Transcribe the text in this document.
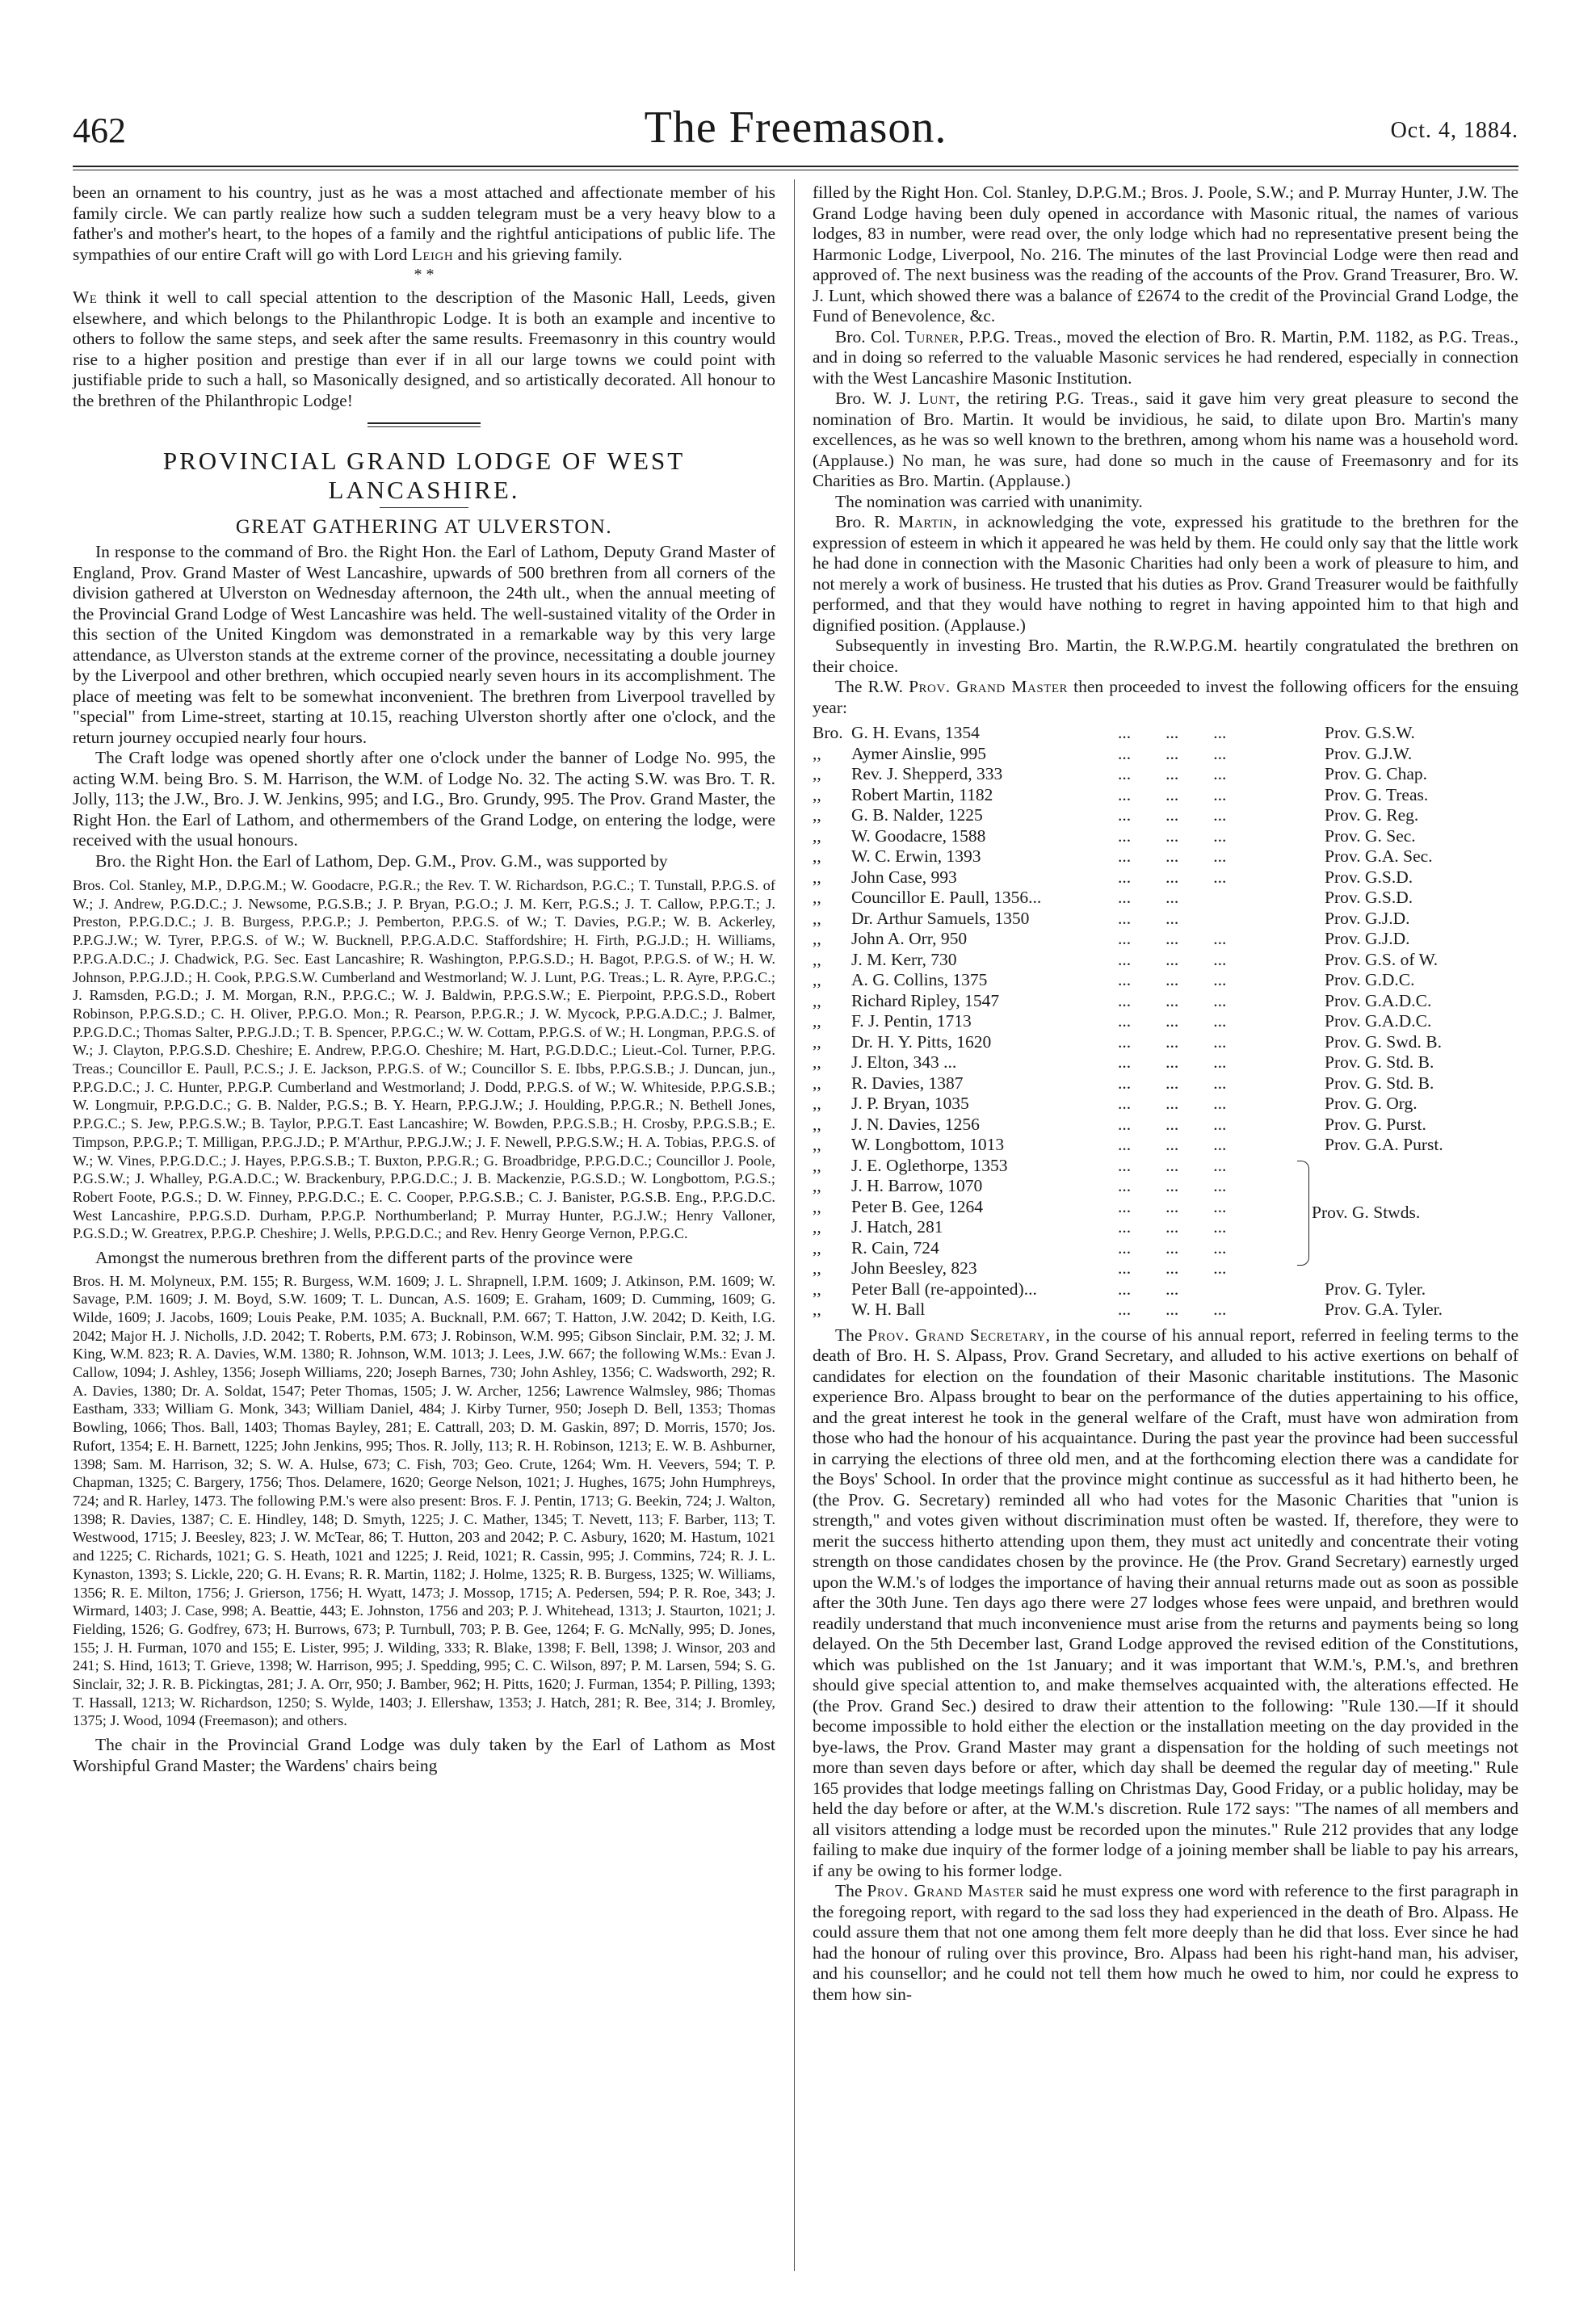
462	The Freemason.	Oct. 4, 1884.

been an ornament to his country, just as he was a most attached and affectionate member of his family circle. We can partly realize how such a sudden telegram must be a very heavy blow to a father's and mother's heart, to the hopes of a family and the rightful anticipations of public life. The sympathies of our entire Craft will go with Lord Leigh and his grieving family.

* *

We think it well to call special attention to the description of the Masonic Hall, Leeds, given elsewhere, and which belongs to the Philanthropic Lodge. It is both an example and incentive to others to follow the same steps, and seek after the same results. Freemasonry in this country would rise to a higher position and prestige than ever if in all our large towns we could point with justifiable pride to such a hall, so Masonically designed, and so artistically decorated. All honour to the brethren of the Philanthropic Lodge!

PROVINCIAL GRAND LODGE OF WEST LANCASHIRE.
GREAT GATHERING AT ULVERSTON.

In response to the command of Bro. the Right Hon. the Earl of Lathom, Deputy Grand Master of England, Prov. Grand Master of West Lancashire, upwards of 500 brethren from all corners of the division gathered at Ulverston on Wednesday afternoon, the 24th ult., when the annual meeting of the Provincial Grand Lodge of West Lancashire was held. The well-sustained vitality of the Order in this section of the United Kingdom was demonstrated in a remarkable way by this very large attendance, as Ulverston stands at the extreme corner of the province, necessitating a double journey by the Liverpool and other brethren, which occupied nearly seven hours in its accomplishment. The place of meeting was felt to be somewhat inconvenient. The brethren from Liverpool travelled by "special" from Lime-street, starting at 10.15, reaching Ulverston shortly after one o'clock, and the return journey occupied nearly four hours.

The Craft lodge was opened shortly after one o'clock under the banner of Lodge No. 995, the acting W.M. being Bro. S. M. Harrison, the W.M. of Lodge No. 32. The acting S.W. was Bro. T. R. Jolly, 113; the J.W., Bro. J. W. Jenkins, 995; and I.G., Bro. Grundy, 995. The Prov. Grand Master, the Right Hon. the Earl of Lathom, and othermembers of the Grand Lodge, on entering the lodge, were received with the usual honours.

Bro. the Right Hon. the Earl of Lathom, Dep. G.M., Prov. G.M., was supported by

Bros. Col. Stanley, M.P., D.P.G.M.; W. Goodacre, P.G.R.; the Rev. T. W. Richardson, P.G.C.; T. Tunstall, P.P.G.S. of W.; J. Andrew, P.G.D.C.; J. Newsome, P.G.S.B.; J. P. Bryan, P.G.O.; J. M. Kerr, P.G.S.; J. T. Callow, P.P.G.T.; J. Preston, P.P.G.D.C.; J. B. Burgess, P.P.G.P.; J. Pemberton, P.P.G.S. of W.; T. Davies, P.G.P.; W. B. Ackerley, P.P.G.J.W.; W. Tyrer, P.P.G.S. of W.; W. Bucknell, P.P.G.A.D.C. Staffordshire; H. Firth, P.G.J.D.; H. Williams, P.P.G.A.D.C.; J. Chadwick, P.G. Sec. East Lancashire; R. Washington, P.P.G.S.D.; H. Bagot, P.P.G.S. of W.; H. W. Johnson, P.P.G.J.D.; H. Cook, P.P.G.S.W. Cumberland and Westmorland; W. J. Lunt, P.G. Treas.; L. R. Ayre, P.P.G.C.; J. Ramsden, P.G.D.; J. M. Morgan, R.N., P.P.G.C.; W. J. Baldwin, P.P.G.S.W.; E. Pierpoint, P.P.G.S.D., Robert Robinson, P.P.G.S.D.; C. H. Oliver, P.P.G.O. Mon.; R. Pearson, P.P.G.R.; J. W. Mycock, P.P.G.A.D.C.; J. Balmer, P.P.G.D.C.; Thomas Salter, P.P.G.J.D.; T. B. Spencer, P.P.G.C.; W. W. Cottam, P.P.G.S. of W.; H. Longman, P.P.G.S. of W.; J. Clayton, P.P.G.S.D. Cheshire; E. Andrew, P.P.G.O. Cheshire; M. Hart, P.G.D.D.C.; Lieut.-Col. Turner, P.P.G. Treas.; Councillor E. Paull, P.C.S.; J. E. Jackson, P.P.G.S. of W.; Councillor S. E. Ibbs, P.P.G.S.B.; J. Duncan, jun., P.P.G.D.C.; J. C. Hunter, P.P.G.P. Cumberland and Westmorland; J. Dodd, P.P.G.S. of W.; W. Whiteside, P.P.G.S.B.; W. Longmuir, P.P.G.D.C.; G. B. Nalder, P.G.S.; B. Y. Hearn, P.P.G.J.W.; J. Houlding, P.P.G.R.; N. Bethell Jones, P.P.G.C.; S. Jew, P.P.G.S.W.; B. Taylor, P.P.G.T. East Lancashire; W. Bowden, P.P.G.S.B.; H. Crosby, P.P.G.S.B.; E. Timpson, P.P.G.P.; T. Milligan, P.P.G.J.D.; P. M'Arthur, P.P.G.J.W.; J. F. Newell, P.P.G.S.W.; H. A. Tobias, P.P.G.S. of W.; W. Vines, P.P.G.D.C.; J. Hayes, P.P.G.S.B.; T. Buxton, P.P.G.R.; G. Broadbridge, P.P.G.D.C.; Councillor J. Poole, P.G.S.W.; J. Whalley, P.G.A.D.C.; W. Brackenbury, P.P.G.D.C.; J. B. Mackenzie, P.G.S.D.; W. Longbottom, P.G.S.; Robert Foote, P.G.S.; D. W. Finney, P.P.G.D.C.; E. C. Cooper, P.P.G.S.B.; C. J. Banister, P.G.S.B. Eng., P.P.G.D.C. West Lancashire, P.P.G.S.D. Durham, P.P.G.P. Northumberland; P. Murray Hunter, P.G.J.W.; Henry Valloner, P.G.S.D.; W. Greatrex, P.P.G.P. Cheshire; J. Wells, P.P.G.D.C.; and Rev. Henry George Vernon, P.P.G.C.

Amongst the numerous brethren from the different parts of the province were

Bros. H. M. Molyneux, P.M. 155; R. Burgess, W.M. 1609; J. L. Shrapnell, I.P.M. 1609; J. Atkinson, P.M. 1609; W. Savage, P.M. 1609; J. M. Boyd, S.W. 1609; T. L. Duncan, A.S. 1609; E. Graham, 1609; D. Cumming, 1609; G. Wilde, 1609; J. Jacobs, 1609; Louis Peake, P.M. 1035; A. Bucknall, P.M. 667; T. Hatton, J.W. 2042; D. Keith, I.G. 2042; Major H. J. Nicholls, J.D. 2042; T. Roberts, P.M. 673; J. Robinson, W.M. 995; Gibson Sinclair, P.M. 32; J. M. King, W.M. 823; R. A. Davies, W.M. 1380; R. Johnson, W.M. 1013; J. Lees, J.W. 667; the following W.Ms.: Evan J. Callow, 1094; J. Ashley, 1356; Joseph Williams, 220; Joseph Barnes, 730; John Ashley, 1356; C. Wadsworth, 292; R. A. Davies, 1380; Dr. A. Soldat, 1547; Peter Thomas, 1505; J. W. Archer, 1256; Lawrence Walmsley, 986; Thomas Eastham, 333; William G. Monk, 343; William Daniel, 484; J. Kirby Turner, 950; Joseph D. Bell, 1353; Thomas Bowling, 1066; Thos. Ball, 1403; Thomas Bayley, 281; E. Cattrall, 203; D. M. Gaskin, 897; D. Morris, 1570; Jos. Rufort, 1354; E. H. Barnett, 1225; John Jenkins, 995; Thos. R. Jolly, 113; R. H. Robinson, 1213; E. W. B. Ashburner, 1398; Sam. M. Harrison, 32; S. W. A. Hulse, 673; C. Fish, 703; Geo. Crute, 1264; Wm. H. Veevers, 594; T. P. Chapman, 1325; C. Bargery, 1756; Thos. Delamere, 1620; George Nelson, 1021; J. Hughes, 1675; John Humphreys, 724; and R. Harley, 1473. The following P.M.'s were also present: Bros. F. J. Pentin, 1713; G. Beekin, 724; J. Walton, 1398; R. Davies, 1387; C. E. Hindley, 148; D. Smyth, 1225; J. C. Mather, 1345; T. Nevett, 113; F. Barber, 113; T. Westwood, 1715; J. Beesley, 823; J. W. McTear, 86; T. Hutton, 203 and 2042; P. C. Asbury, 1620; M. Hastum, 1021 and 1225; C. Richards, 1021; G. S. Heath, 1021 and 1225; J. Reid, 1021; R. Cassin, 995; J. Commins, 724; R. J. L. Kynaston, 1393; S. Lickle, 220; G. H. Evans; R. R. Martin, 1182; J. Holme, 1325; R. B. Burgess, 1325; W. Williams, 1356; R. E. Milton, 1756; J. Grierson, 1756; H. Wyatt, 1473; J. Mossop, 1715; A. Pedersen, 594; P. R. Roe, 343; J. Wirmard, 1403; J. Case, 998; A. Beattie, 443; E. Johnston, 1756 and 203; P. J. Whitehead, 1313; J. Staurton, 1021; J. Fielding, 1526; G. Godfrey, 673; H. Burrows, 673; P. Turnbull, 703; P. B. Gee, 1264; F. G. McNally, 995; D. Jones, 155; J. H. Furman, 1070 and 155; E. Lister, 995; J. Wilding, 333; R. Blake, 1398; F. Bell, 1398; J. Winsor, 203 and 241; S. Hind, 1613; T. Grieve, 1398; W. Harrison, 995; J. Spedding, 995; C. C. Wilson, 897; P. M. Larsen, 594; S. G. Sinclair, 32; J. R. B. Pickingtas, 281; J. A. Orr, 950; J. Bamber, 962; H. Pitts, 1620; J. Furman, 1354; P. Pilling, 1393; T. Hassall, 1213; W. Richardson, 1250; S. Wylde, 1403; J. Ellershaw, 1353; J. Hatch, 281; R. Bee, 314; J. Bromley, 1375; J. Wood, 1094 (Freemason); and others.

The chair in the Provincial Grand Lodge was duly taken by the Earl of Lathom as Most Worshipful Grand Master; the Wardens' chairs being

filled by the Right Hon. Col. Stanley, D.P.G.M.; Bros. J. Poole, S.W.; and P. Murray Hunter, J.W. The Grand Lodge having been duly opened in accordance with Masonic ritual, the names of various lodges, 83 in number, were read over, the only lodge which had no representative present being the Harmonic Lodge, Liverpool, No. 216. The minutes of the last Provincial Lodge were then read and approved of. The next business was the reading of the accounts of the Prov. Grand Treasurer, Bro. W. J. Lunt, which showed there was a balance of £2674 to the credit of the Provincial Grand Lodge, the Fund of Benevolence, &c.

Bro. Col. Turner, P.P.G. Treas., moved the election of Bro. R. Martin, P.M. 1182, as P.G. Treas., and in doing so referred to the valuable Masonic services he had rendered, especially in connection with the West Lancashire Masonic Institution.

Bro. W. J. Lunt, the retiring P.G. Treas., said it gave him very great pleasure to second the nomination of Bro. Martin. It would be invidious, he said, to dilate upon Bro. Martin's many excellences, as he was so well known to the brethren, among whom his name was a household word. (Applause.) No man, he was sure, had done so much in the cause of Freemasonry and for its Charities as Bro. Martin. (Applause.)

The nomination was carried with unanimity.

Bro. R. Martin, in acknowledging the vote, expressed his gratitude to the brethren for the expression of esteem in which it appeared he was held by them. He could only say that the little work he had done in connection with the Masonic Charities had only been a work of pleasure to him, and not merely a work of business. He trusted that his duties as Prov. Grand Treasurer would be faithfully performed, and that they would have nothing to regret in having appointed him to that high and dignified position. (Applause.)

Subsequently in investing Bro. Martin, the R.W.P.G.M. heartily congratulated the brethren on their choice.

The R.W. Prov. Grand Master then proceeded to invest the following officers for the ensuing year:

Bro. G. H. Evans, 1354	...        ...        ...	Prov. G.S.W.
,,	Aymer Ainslie, 995	...        ...        ...	Prov. G.J.W.
,,	Rev. J. Shepperd, 333	...        ...        ...	Prov. G. Chap.
,,	Robert Martin, 1182	...        ...        ...	Prov. G. Treas.
,,	G. B. Nalder, 1225	...        ...        ...	Prov. G. Reg.
,,	W. Goodacre, 1588	...        ...        ...	Prov. G. Sec.
,,	W. C. Erwin, 1393	...        ...        ...	Prov. G.A. Sec.
,,	John Case, 993	...        ...        ...	Prov. G.S.D.
,,	Councillor E. Paull, 1356...	...        ...	Prov. G.S.D.
,,	Dr. Arthur Samuels, 1350	...        ...	Prov. G.J.D.
,,	John A. Orr, 950	...        ...        ...	Prov. G.J.D.
,,	J. M. Kerr, 730	...        ...        ...	Prov. G.S. of W.
,,	A. G. Collins, 1375	...        ...        ...	Prov. G.D.C.
,,	Richard Ripley, 1547	...        ...        ...	Prov. G.A.D.C.
,,	F. J. Pentin, 1713	...        ...        ...	Prov. G.A.D.C.
,,	Dr. H. Y. Pitts, 1620	...        ...        ...	Prov. G. Swd. B.
,,	J. Elton, 343 ...	...        ...        ...	Prov. G. Std. B.
,,	R. Davies, 1387	...        ...        ...	Prov. G. Std. B.
,,	J. P. Bryan, 1035	...        ...        ...	Prov. G. Org.
,,	J. N. Davies, 1256	...        ...        ...	Prov. G. Purst.
,,	W. Longbottom, 1013	...        ...        ...	Prov. G.A. Purst.
,,	J. E. Oglethorpe, 1353	...        ...        ...
,,	J. H. Barrow, 1070	...        ...        ...
,,	Peter B. Gee, 1264	...        ...        ...
,,	J. Hatch, 281	...        ...        ...
,,	R. Cain, 724	...        ...        ...
,,	John Beesley, 823	...        ...        ...
Prov. G. Stwds.
,,	Peter Ball (re-appointed)...	...        ...	Prov. G. Tyler.
,,	W. H. Ball	...        ...        ...	Prov. G.A. Tyler.

The Prov. Grand Secretary, in the course of his annual report, referred in feeling terms to the death of Bro. H. S. Alpass, Prov. Grand Secretary, and alluded to his active exertions on behalf of candidates for election on the foundation of their Masonic charitable institutions. The Masonic experience Bro. Alpass brought to bear on the performance of the duties appertaining to his office, and the great interest he took in the general welfare of the Craft, must have won admiration from those who had the honour of his acquaintance. During the past year the province had been successful in carrying the elections of three old men, and at the forthcoming election there was a candidate for the Boys' School. In order that the province might continue as successful as it had hitherto been, he (the Prov. G. Secretary) reminded all who had votes for the Masonic Charities that "union is strength," and votes given without discrimination must often be wasted. If, therefore, they were to merit the success hitherto attending upon them, they must act unitedly and concentrate their voting strength on those candidates chosen by the province. He (the Prov. Grand Secretary) earnestly urged upon the W.M.'s of lodges the importance of having their annual returns made out as soon as possible after the 30th June. Ten days ago there were 27 lodges whose fees were unpaid, and brethren would readily understand that much inconvenience must arise from the returns and payments being so long delayed. On the 5th December last, Grand Lodge approved the revised edition of the Constitutions, which was published on the 1st January; and it was important that W.M.'s, P.M.'s, and brethren should give special attention to, and make themselves acquainted with, the alterations effected. He (the Prov. Grand Sec.) desired to draw their attention to the following: "Rule 130.—If it should become impossible to hold either the election or the installation meeting on the day provided in the bye-laws, the Prov. Grand Master may grant a dispensation for the holding of such meetings not more than seven days before or after, which day shall be deemed the regular day of meeting." Rule 165 provides that lodge meetings falling on Christmas Day, Good Friday, or a public holiday, may be held the day before or after, at the W.M.'s discretion. Rule 172 says: "The names of all members and all visitors attending a lodge must be recorded upon the minutes." Rule 212 provides that any lodge failing to make due inquiry of the former lodge of a joining member shall be liable to pay his arrears, if any be owing to his former lodge.

The Prov. Grand Master said he must express one word with reference to the first paragraph in the foregoing report, with regard to the sad loss they had experienced in the death of Bro. Alpass. He could assure them that not one among them felt more deeply than he did that loss. Ever since he had had the honour of ruling over this province, Bro. Alpass had been his right-hand man, his adviser, and his counsellor; and he could not tell them how much he owed to him, nor could he express to them how sin-
